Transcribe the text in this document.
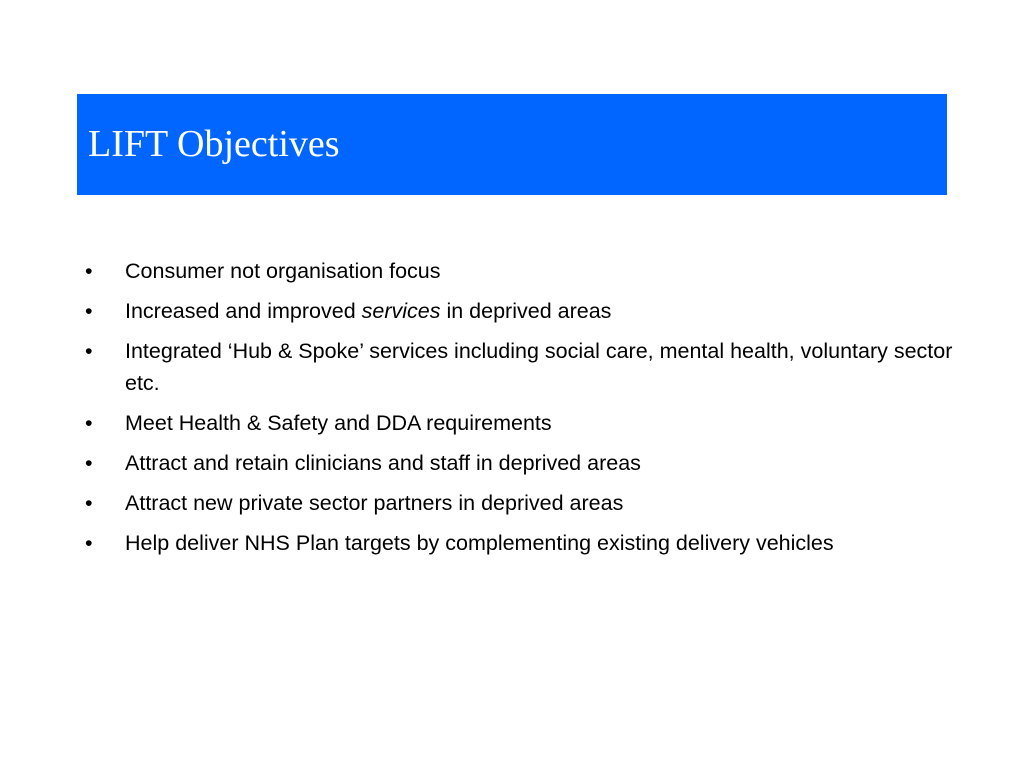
LIFT Objectives
•	Consumer not organisation focus
•	Increased and improved services in deprived areas
•	Integrated ‘Hub & Spoke’ services including social care, mental health, voluntary sector etc.
•	Meet Health & Safety and DDA requirements
•	Attract and retain clinicians and staff in deprived areas
•	Attract new private sector partners in deprived areas
•	Help deliver NHS Plan targets by complementing existing delivery vehicles
